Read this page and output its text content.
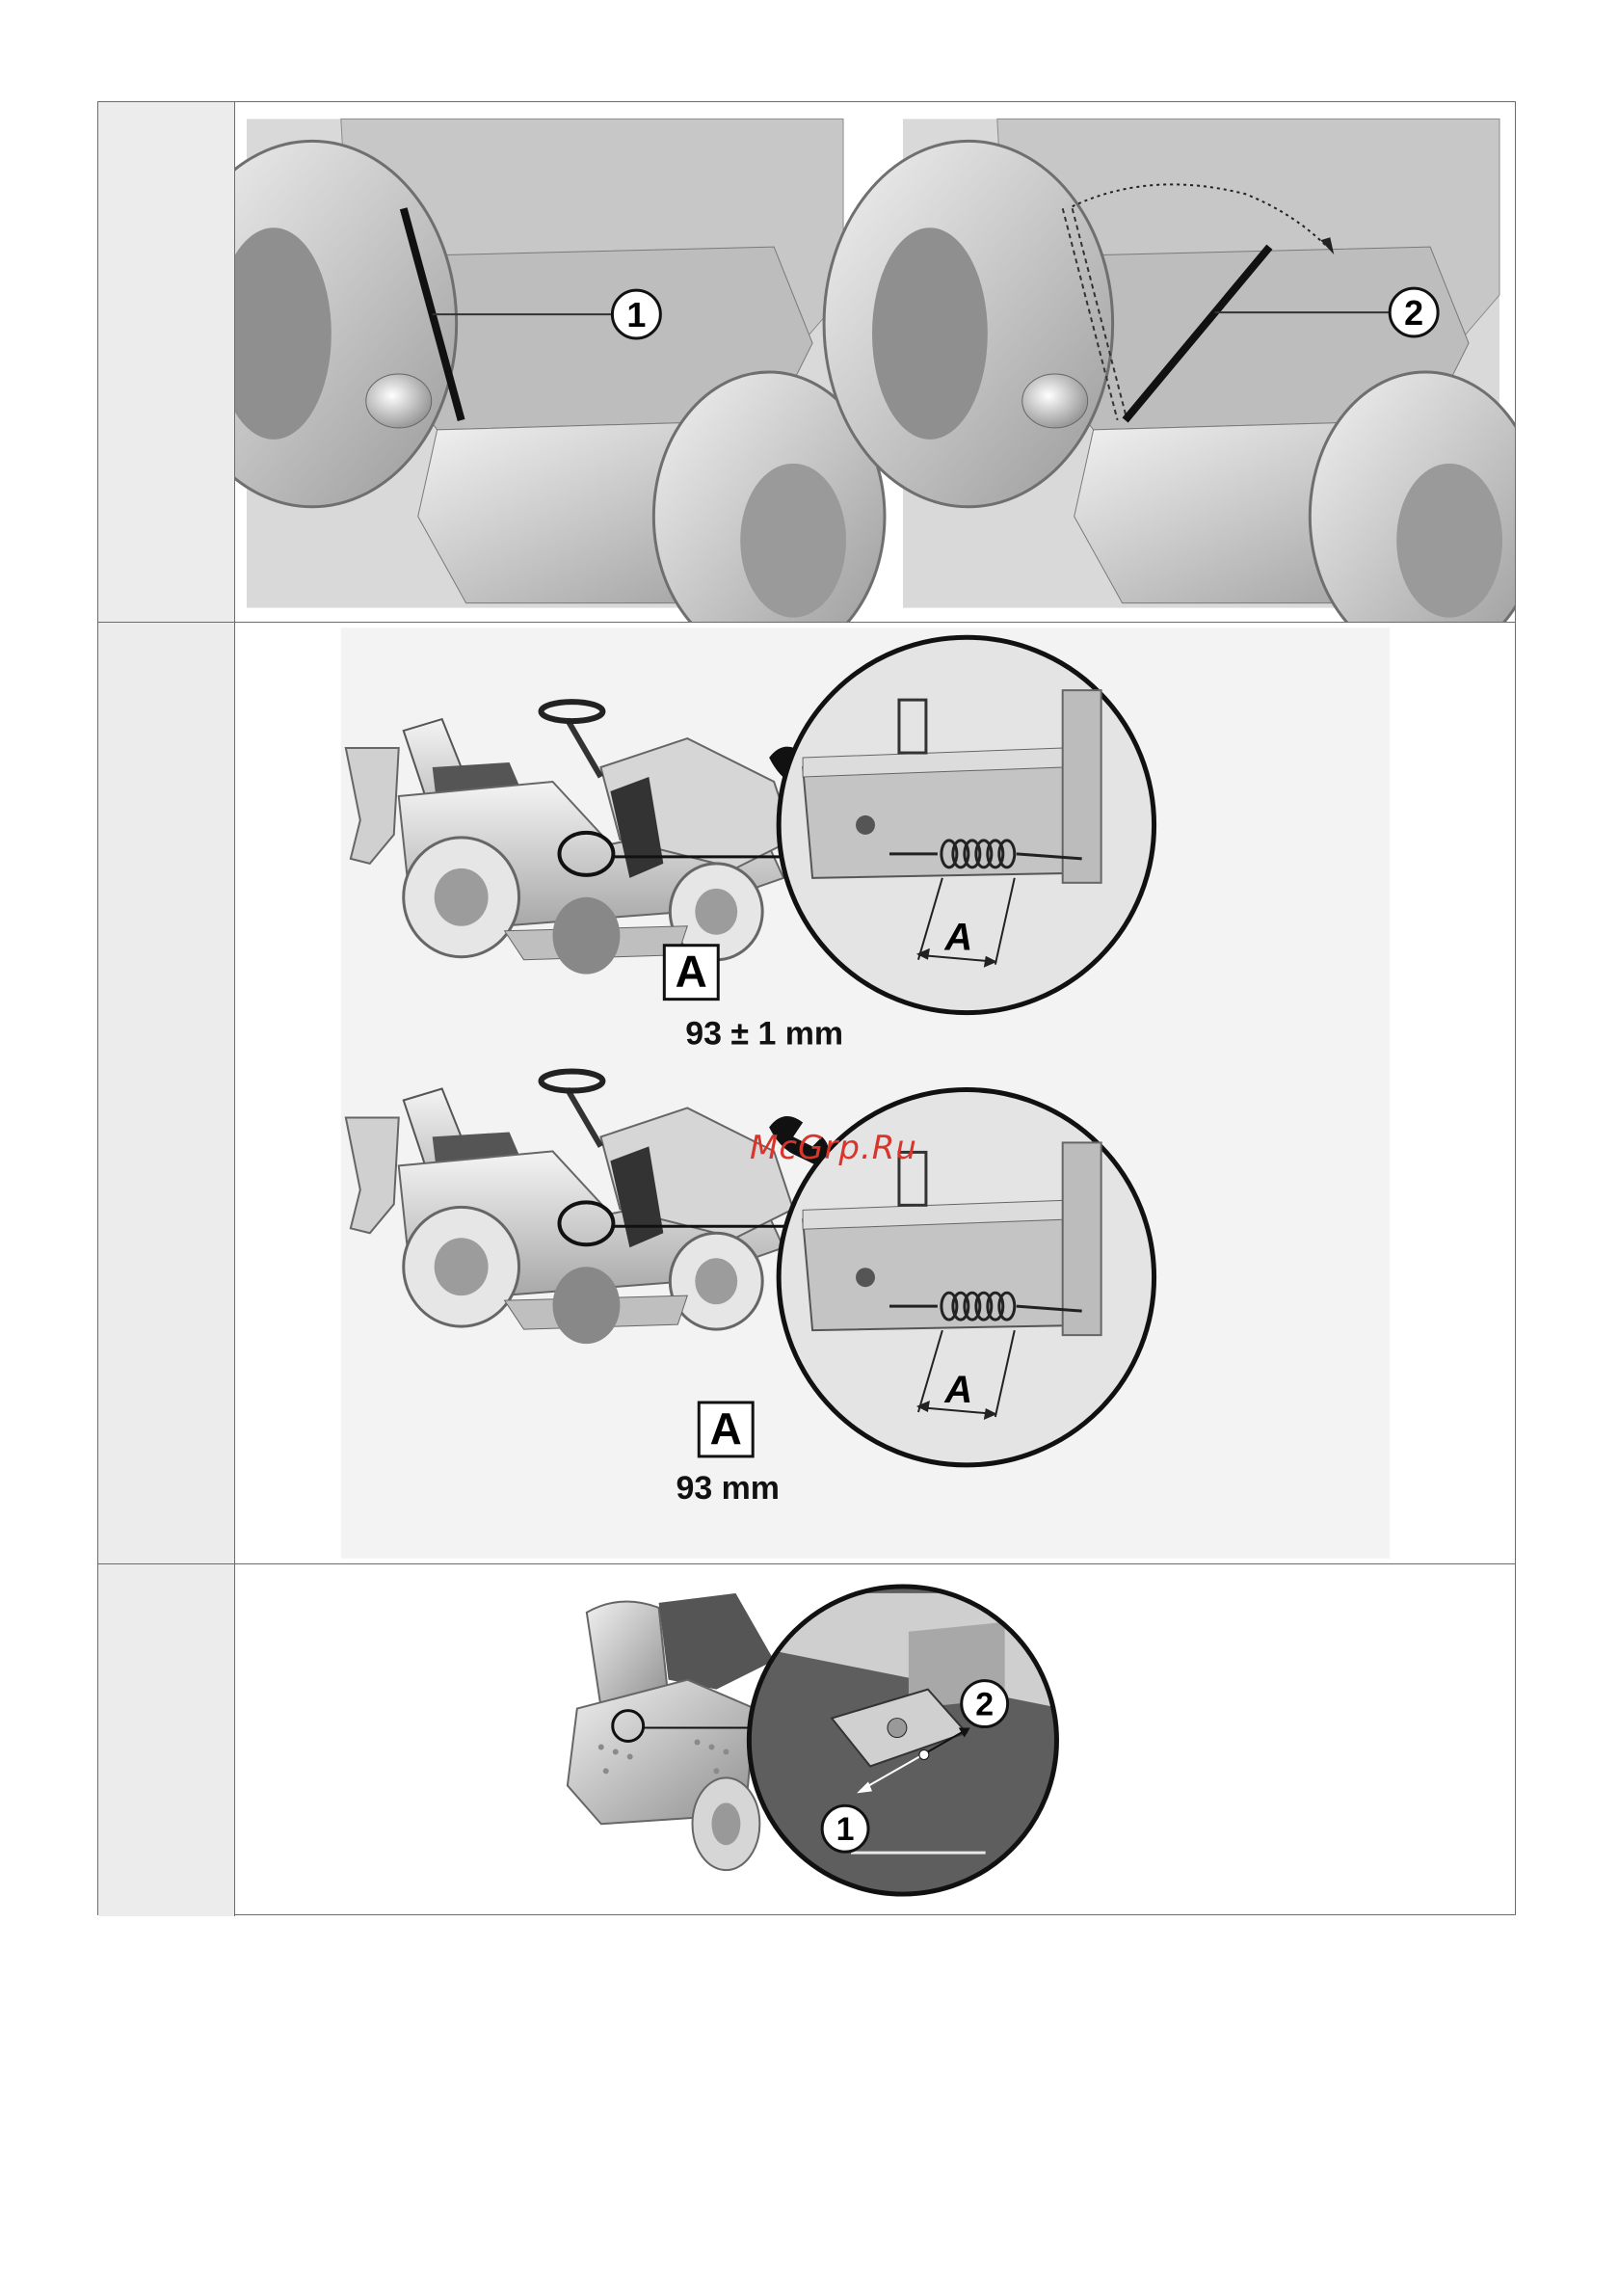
1	2
A
A
93 ± 1 mm
A
A
93 mm
2
1
McGrp.Ru
